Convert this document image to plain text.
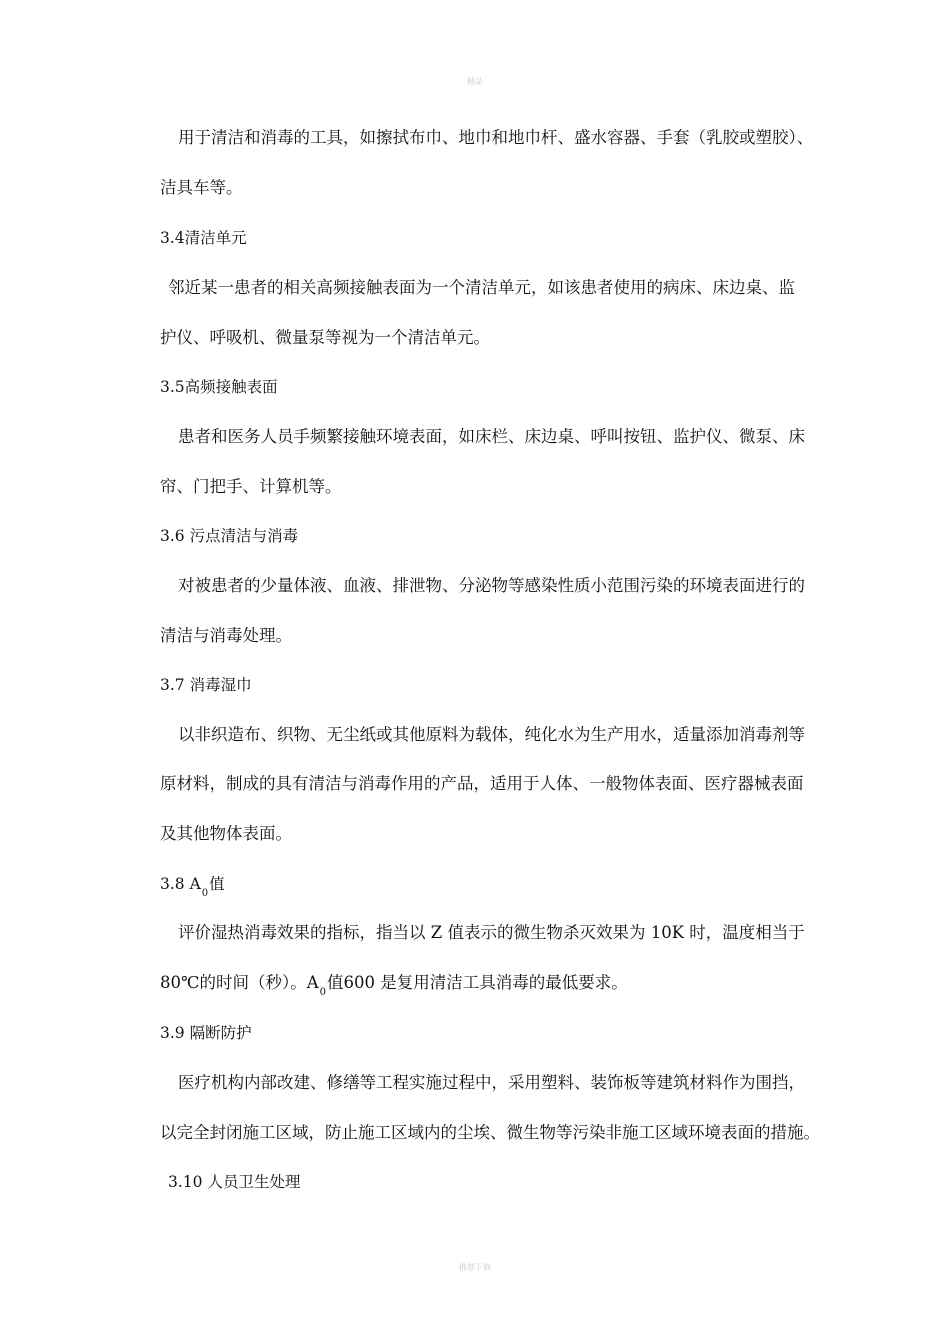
精品
用于清洁和消毒的工具，如擦拭布巾、地巾和地巾杆、盛水容器、手套（乳胶或塑胶）、
洁具车等。
3.4清洁单元
邻近某一患者的相关高频接触表面为一个清洁单元，如该患者使用的病床、床边桌、监
护仪、呼吸机、微量泵等视为一个清洁单元。
3.5高频接触表面
患者和医务人员手频繁接触环境表面，如床栏、床边桌、呼叫按钮、监护仪、微泵、床
帘、门把手、计算机等。
3.6 污点清洁与消毒
对被患者的少量体液、血液、排泄物、分泌物等感染性质小范围污染的环境表面进行的
清洁与消毒处理。
3.7 消毒湿巾
以非织造布、织物、无尘纸或其他原料为载体，纯化水为生产用水，适量添加消毒剂等
原材料，制成的具有清洁与消毒作用的产品，适用于人体、一般物体表面、医疗器械表面
及其他物体表面。
3.8 $A_0$值
评价湿热消毒效果的指标，指当以 Z 值表示的微生物杀灭效果为 10K 时，温度相当于
80℃的时间（秒）。$A_0$值600 是复用清洁工具消毒的最低要求。
3.9 隔断防护
医疗机构内部改建、修缮等工程实施过程中，采用塑料、装饰板等建筑材料作为围挡，
以完全封闭施工区域，防止施工区域内的尘埃、微生物等污染非施工区域环境表面的措施。
3.10 人员卫生处理
推荐下载
